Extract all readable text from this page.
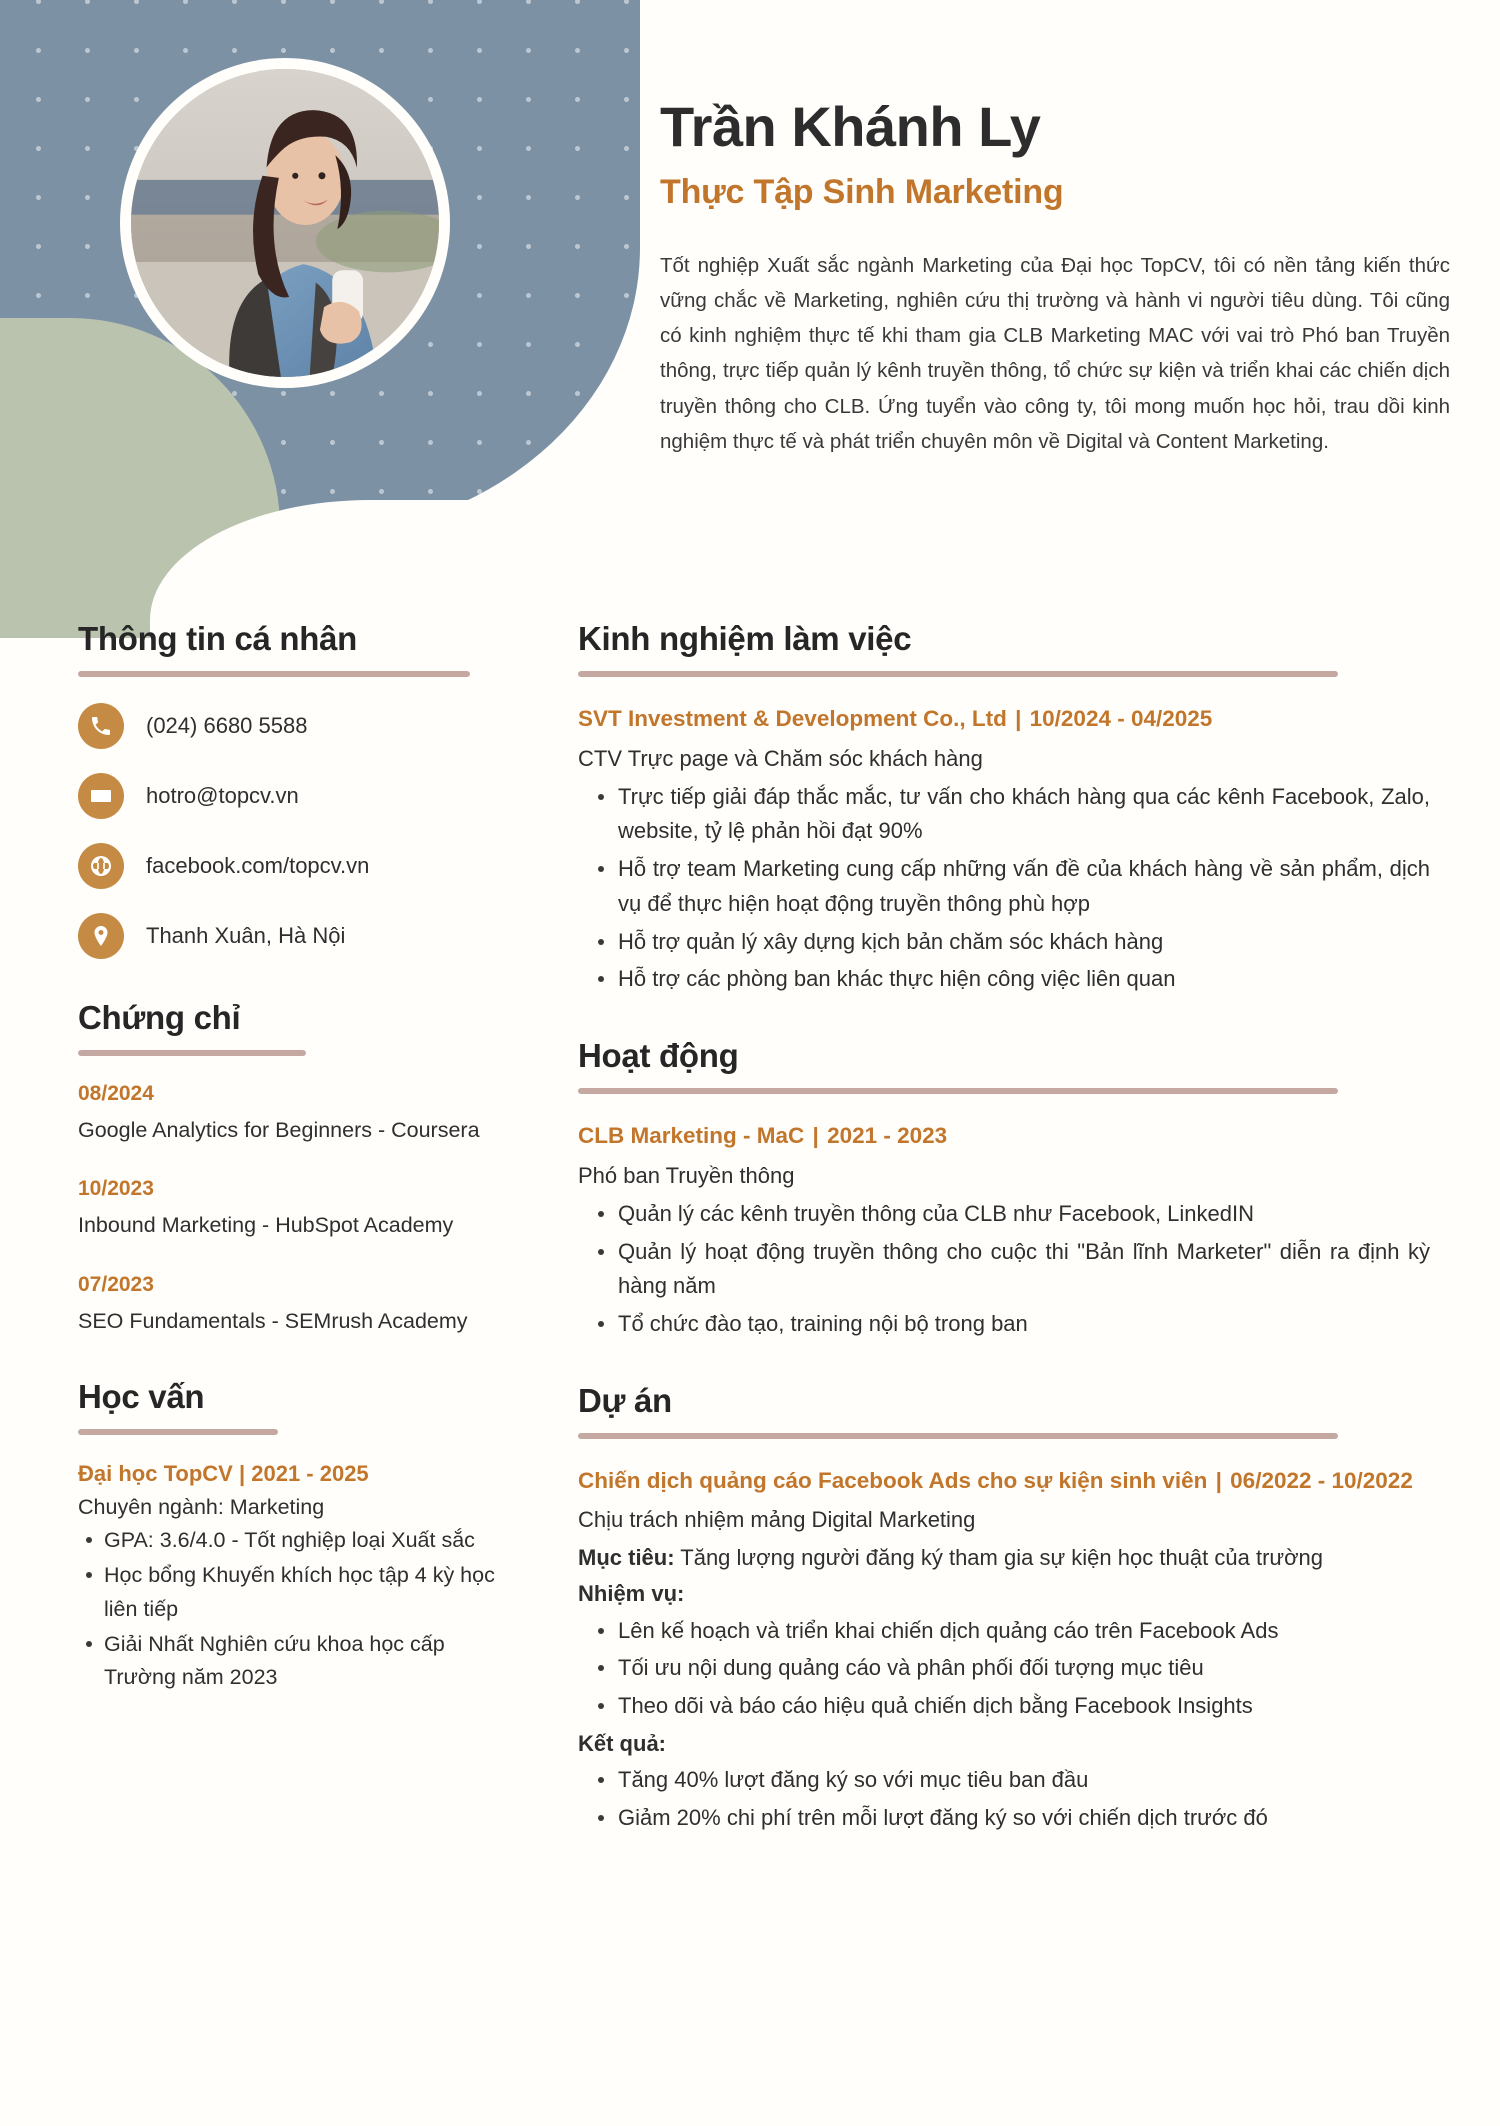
Trần Khánh Ly
Thực Tập Sinh Marketing
Tốt nghiệp Xuất sắc ngành Marketing của Đại học TopCV, tôi có nền tảng kiến thức vững chắc về Marketing, nghiên cứu thị trường và hành vi người tiêu dùng. Tôi cũng có kinh nghiệm thực tế khi tham gia CLB Marketing MAC với vai trò Phó ban Truyền thông, trực tiếp quản lý kênh truyền thông, tổ chức sự kiện và triển khai các chiến dịch truyền thông cho CLB. Ứng tuyển vào công ty, tôi mong muốn học hỏi, trau dồi kinh nghiệm thực tế và phát triển chuyên môn về Digital và Content Marketing.
Thông tin cá nhân
(024) 6680 5588
hotro@topcv.vn
facebook.com/topcv.vn
Thanh Xuân, Hà Nội
Chứng chỉ
08/2024
Google Analytics for Beginners - Coursera
10/2023
Inbound Marketing - HubSpot Academy
07/2023
SEO Fundamentals - SEMrush Academy
Học vấn
Đại học TopCV | 2021 - 2025
Chuyên ngành: Marketing
GPA: 3.6/4.0 - Tốt nghiệp loại Xuất sắc
Học bổng Khuyến khích học tập 4 kỳ học liên tiếp
Giải Nhất Nghiên cứu khoa học cấp Trường năm 2023
Kinh nghiệm làm việc
SVT Investment & Development Co., Ltd | 10/2024 - 04/2025
CTV Trực page và Chăm sóc khách hàng
Trực tiếp giải đáp thắc mắc, tư vấn cho khách hàng qua các kênh Facebook, Zalo, website, tỷ lệ phản hồi đạt 90%
Hỗ trợ team Marketing cung cấp những vấn đề của khách hàng về sản phẩm, dịch vụ để thực hiện hoạt động truyền thông phù hợp
Hỗ trợ quản lý xây dựng kịch bản chăm sóc khách hàng
Hỗ trợ các phòng ban khác thực hiện công việc liên quan
Hoạt động
CLB Marketing - MaC | 2021 - 2023
Phó ban Truyền thông
Quản lý các kênh truyền thông của CLB như Facebook, LinkedIN
Quản lý hoạt động truyền thông cho cuộc thi "Bản lĩnh Marketer" diễn ra định kỳ hàng năm
Tổ chức đào tạo, training nội bộ trong ban
Dự án
Chiến dịch quảng cáo Facebook Ads cho sự kiện sinh viên | 06/2022 - 10/2022
Chịu trách nhiệm mảng Digital Marketing
Mục tiêu: Tăng lượng người đăng ký tham gia sự kiện học thuật của trường
Nhiệm vụ:
Lên kế hoạch và triển khai chiến dịch quảng cáo trên Facebook Ads
Tối ưu nội dung quảng cáo và phân phối đối tượng mục tiêu
Theo dõi và báo cáo hiệu quả chiến dịch bằng Facebook Insights
Kết quả:
Tăng 40% lượt đăng ký so với mục tiêu ban đầu
Giảm 20% chi phí trên mỗi lượt đăng ký so với chiến dịch trước đó
